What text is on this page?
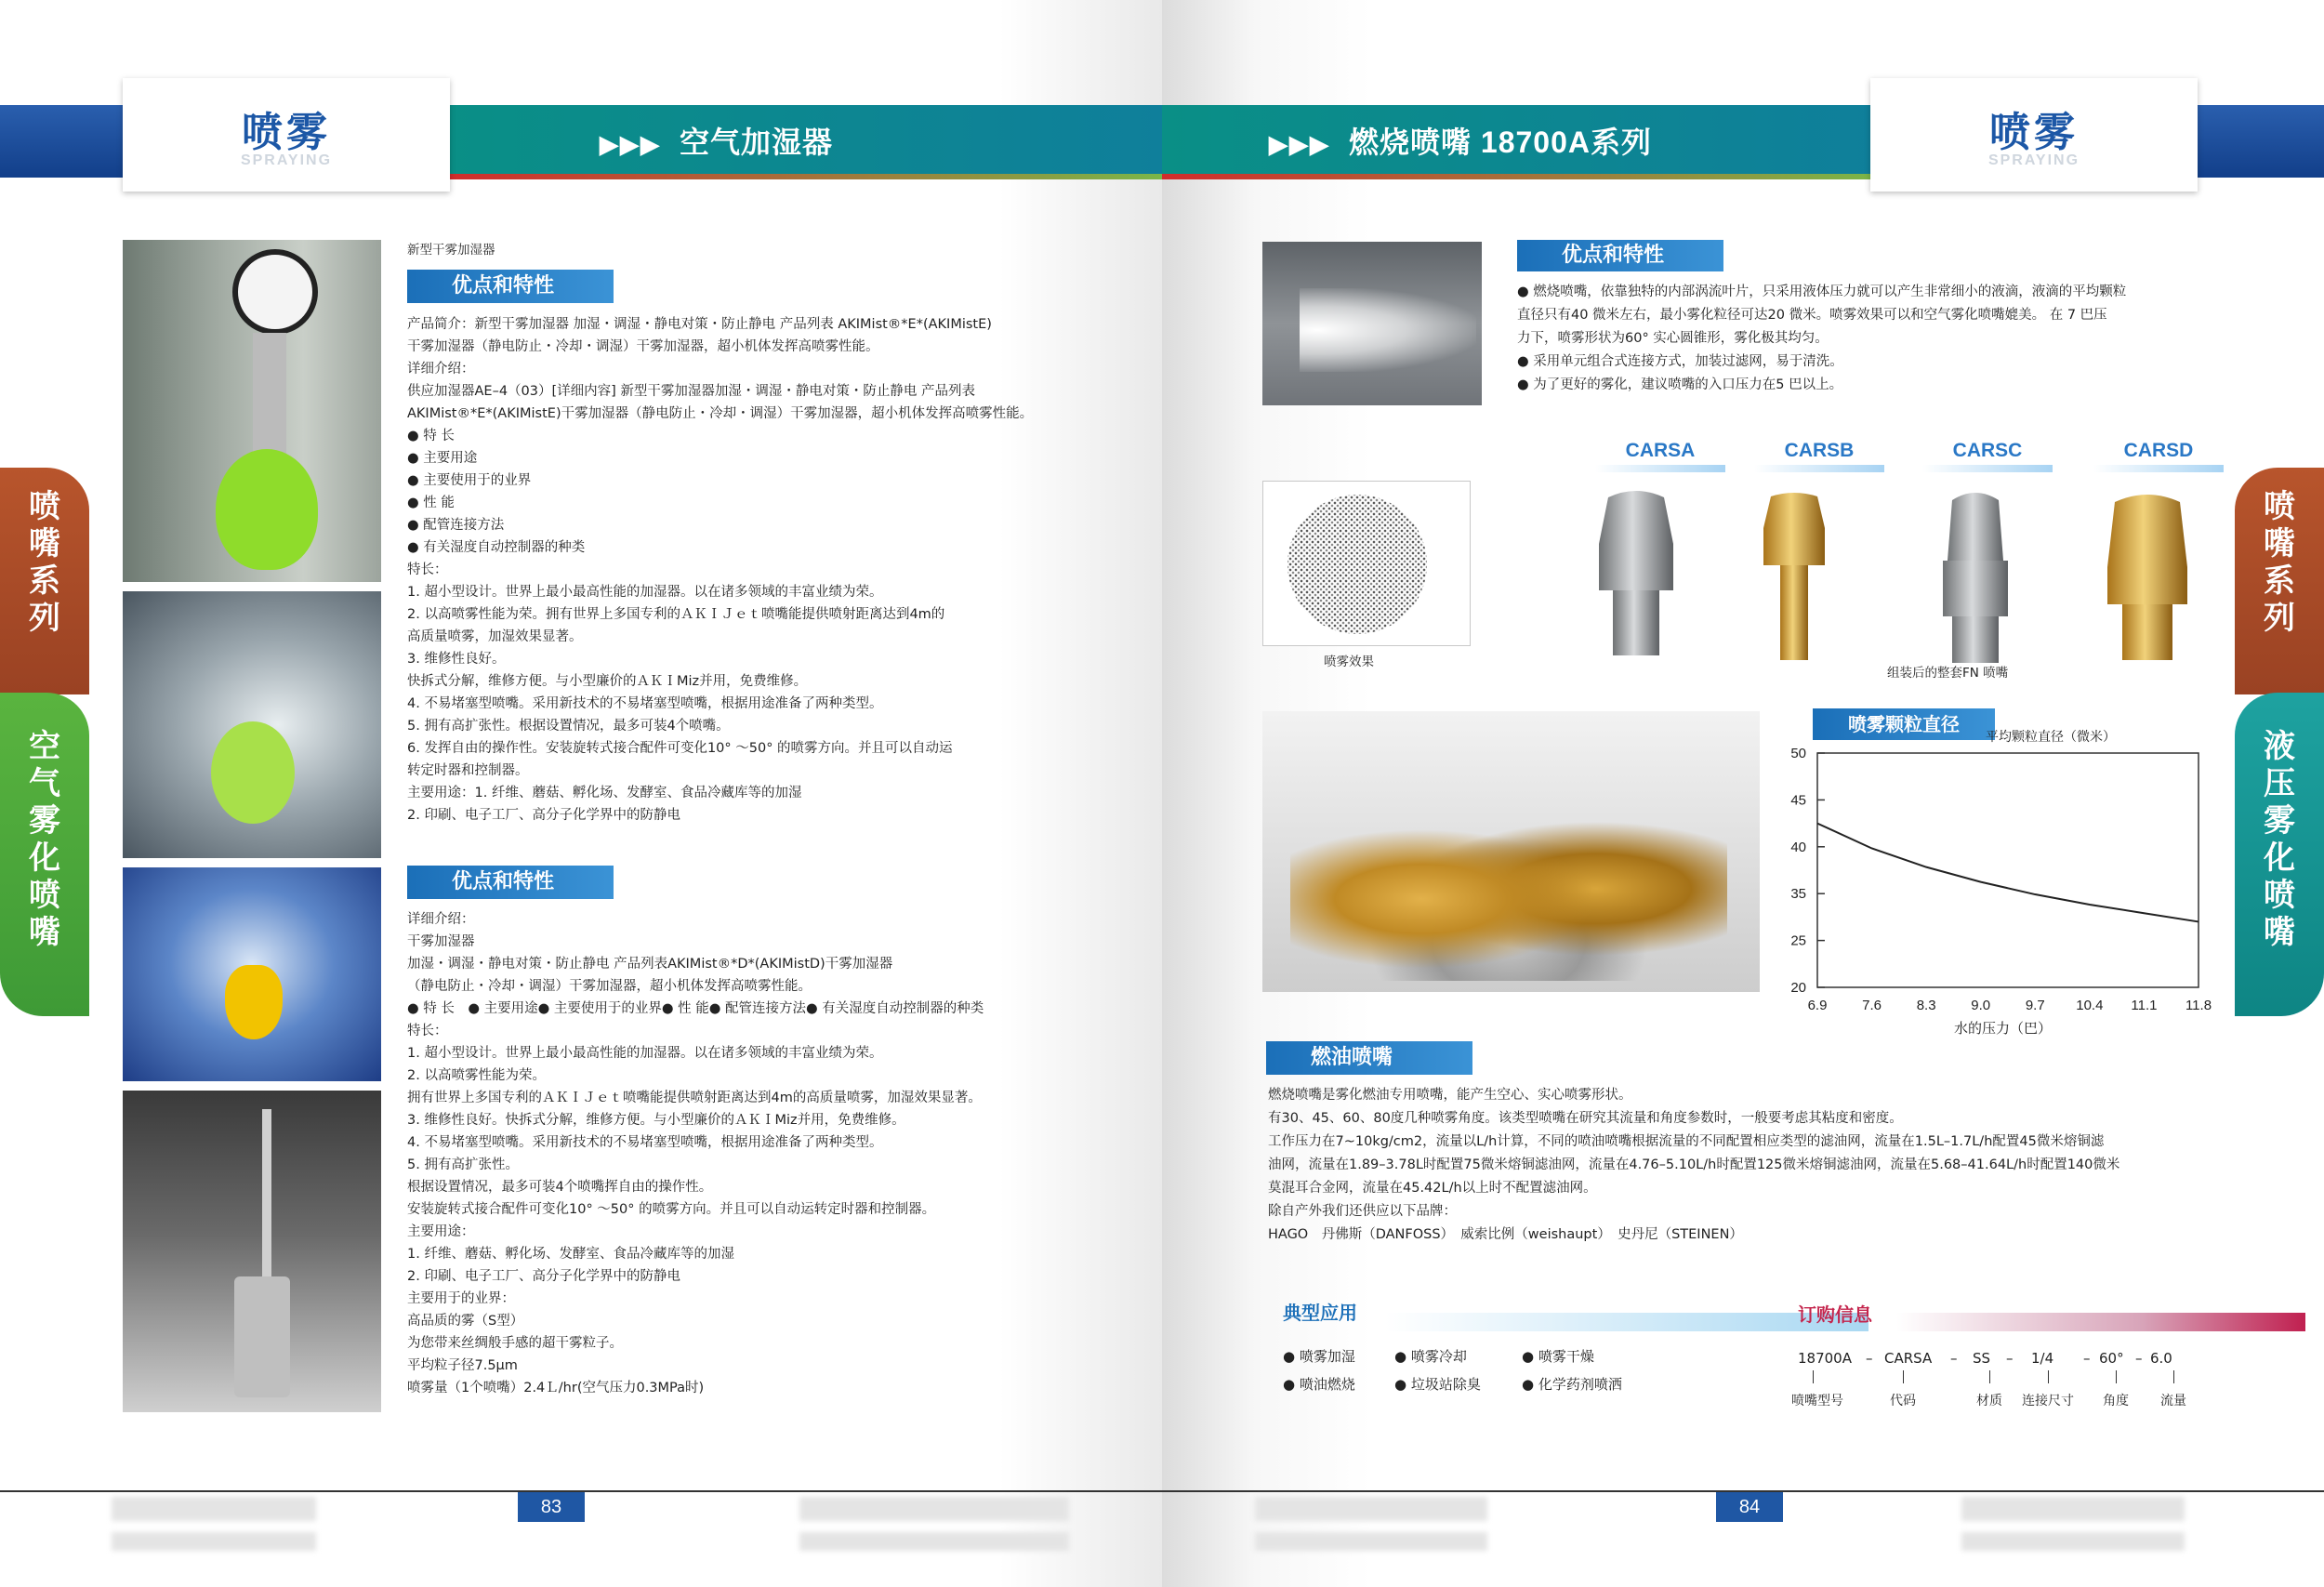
喷雾
SPRAYING
▶▶▶ 空气加湿器
喷嘴系列
空气雾化喷嘴
新型干雾加湿器
优点和特性
产品简介：新型干雾加湿器 加湿・调湿・静电对策・防止静电 产品列表 AKIMist®*E*(AKIMistE)
干雾加湿器（静电防止・冷却・调湿）干雾加湿器，超小机体发挥高喷雾性能。
详细介绍：
供应加湿器AE–4（03）[详细内容] 新型干雾加湿器加湿・调湿・静电对策・防止静电 产品列表
AKIMist®*E*(AKIMistE)干雾加湿器（静电防止・冷却・调湿）干雾加湿器，超小机体发挥高喷雾性能。
● 特 长
● 主要用途
● 主要使用于的业界
● 性 能
● 配管连接方法
● 有关湿度自动控制器的种类
特长：
1. 超小型设计。世界上最小最高性能的加湿器。以在诸多领域的丰富业绩为荣。
2. 以高喷雾性能为荣。拥有世界上多国专利的ＡＫＩＪｅｔ喷嘴能提供喷射距离达到4m的
高质量喷雾，加湿效果显著。
3. 维修性良好。
快拆式分解，维修方便。与小型廉价的ＡＫＩMiz并用，免费维修。
4. 不易堵塞型喷嘴。采用新技术的不易堵塞型喷嘴，根据用途准备了两种类型。
5. 拥有高扩张性。根据设置情况，最多可装4个喷嘴。
6. 发挥自由的操作性。安装旋转式接合配件可变化10° ～50° 的喷雾方向。并且可以自动运
转定时器和控制器。
主要用途：1. 纤维、蘑菇、孵化场、发酵室、食品冷藏库等的加湿
2. 印刷、电子工厂、高分子化学界中的防静电
优点和特性
详细介绍：
干雾加湿器
加湿・调湿・静电对策・防止静电 产品列表AKIMist®*D*(AKIMistD)干雾加湿器
（静电防止・冷却・调湿）干雾加湿器，超小机体发挥高喷雾性能。
● 特 长　● 主要用途● 主要使用于的业界● 性 能● 配管连接方法● 有关湿度自动控制器的种类
特长：
1. 超小型设计。世界上最小最高性能的加湿器。以在诸多领域的丰富业绩为荣。
2. 以高喷雾性能为荣。
拥有世界上多国专利的ＡＫＩＪｅｔ喷嘴能提供喷射距离达到4m的高质量喷雾，加湿效果显著。
3. 维修性良好。快拆式分解，维修方便。与小型廉价的ＡＫＩMiz并用，免费维修。
4. 不易堵塞型喷嘴。采用新技术的不易堵塞型喷嘴，根据用途准备了两种类型。
5. 拥有高扩张性。
根据设置情况，最多可装4个喷嘴挥自由的操作性。
安装旋转式接合配件可变化10° ～50° 的喷雾方向。并且可以自动运转定时器和控制器。
主要用途：
1. 纤维、蘑菇、孵化场、发酵室、食品冷藏库等的加湿
2. 印刷、电子工厂、高分子化学界中的防静电
主要用于的业界：
高品质的雾（S型）
为您带来丝绸般手感的超干雾粒子。
平均粒子径7.5μm
喷雾量（1个喷嘴）2.4Ｌ/hr(空气压力0.3MPa时)
83
喷雾
SPRAYING
▶▶▶ 燃烧喷嘴 18700A系列
喷嘴系列
液压雾化喷嘴
喷雾效果
优点和特性
● 燃烧喷嘴，依靠独特的内部涡流叶片，只采用液体压力就可以产生非常细小的液滴，液滴的平均颗粒
直径只有40 微米左右，最小雾化粒径可达20 微米。喷雾效果可以和空气雾化喷嘴媲美。 在 7 巴压
力下，喷雾形状为60° 实心圆锥形，雾化极其均匀。
● 采用单元组合式连接方式，加装过滤网，易于清洗。
● 为了更好的雾化，建议喷嘴的入口压力在5 巴以上。
CARSA	CARSB	CARSC	CARSD
组装后的整套FN 喷嘴
喷雾颗粒直径
平均颗粒直径（微米）
50
45
40
35
25
20
6.9	7.6	8.3	9.0	9.7 10.4 11.1 11.8
水的压力（巴）
燃油喷嘴
燃烧喷嘴是雾化燃油专用喷嘴，能产生空心、实心喷雾形状。
有30、45、60、80度几种喷雾角度。该类型喷嘴在研究其流量和角度参数时，一般要考虑其粘度和密度。
工作压力在7~10kg/cm2，流量以L/h计算，不同的喷油喷嘴根据流量的不同配置相应类型的滤油网，流量在1.5L–1.7L/h配置45微米熔铜滤
油网，流量在1.89–3.78L时配置75微米熔铜滤油网，流量在4.76–5.10L/h时配置125微米熔铜滤油网，流量在5.68–41.64L/h时配置140微米
莫混耳合金网，流量在45.42L/h以上时不配置滤油网。
除自产外我们还供应以下品牌：
HAGO　丹佛斯（DANFOSS）　威索比例（weishaupt）　史丹尼（STEINEN）
典型应用
● 喷雾加湿	● 喷雾冷却	● 喷雾干燥
● 喷油燃烧	● 垃圾站除臭	● 化学药剂喷洒
订购信息
18700A – CARSA – SS – 1/4 – 60° – 6.0
喷嘴型号	代码	材质	连接尺寸	角度	流量
84
